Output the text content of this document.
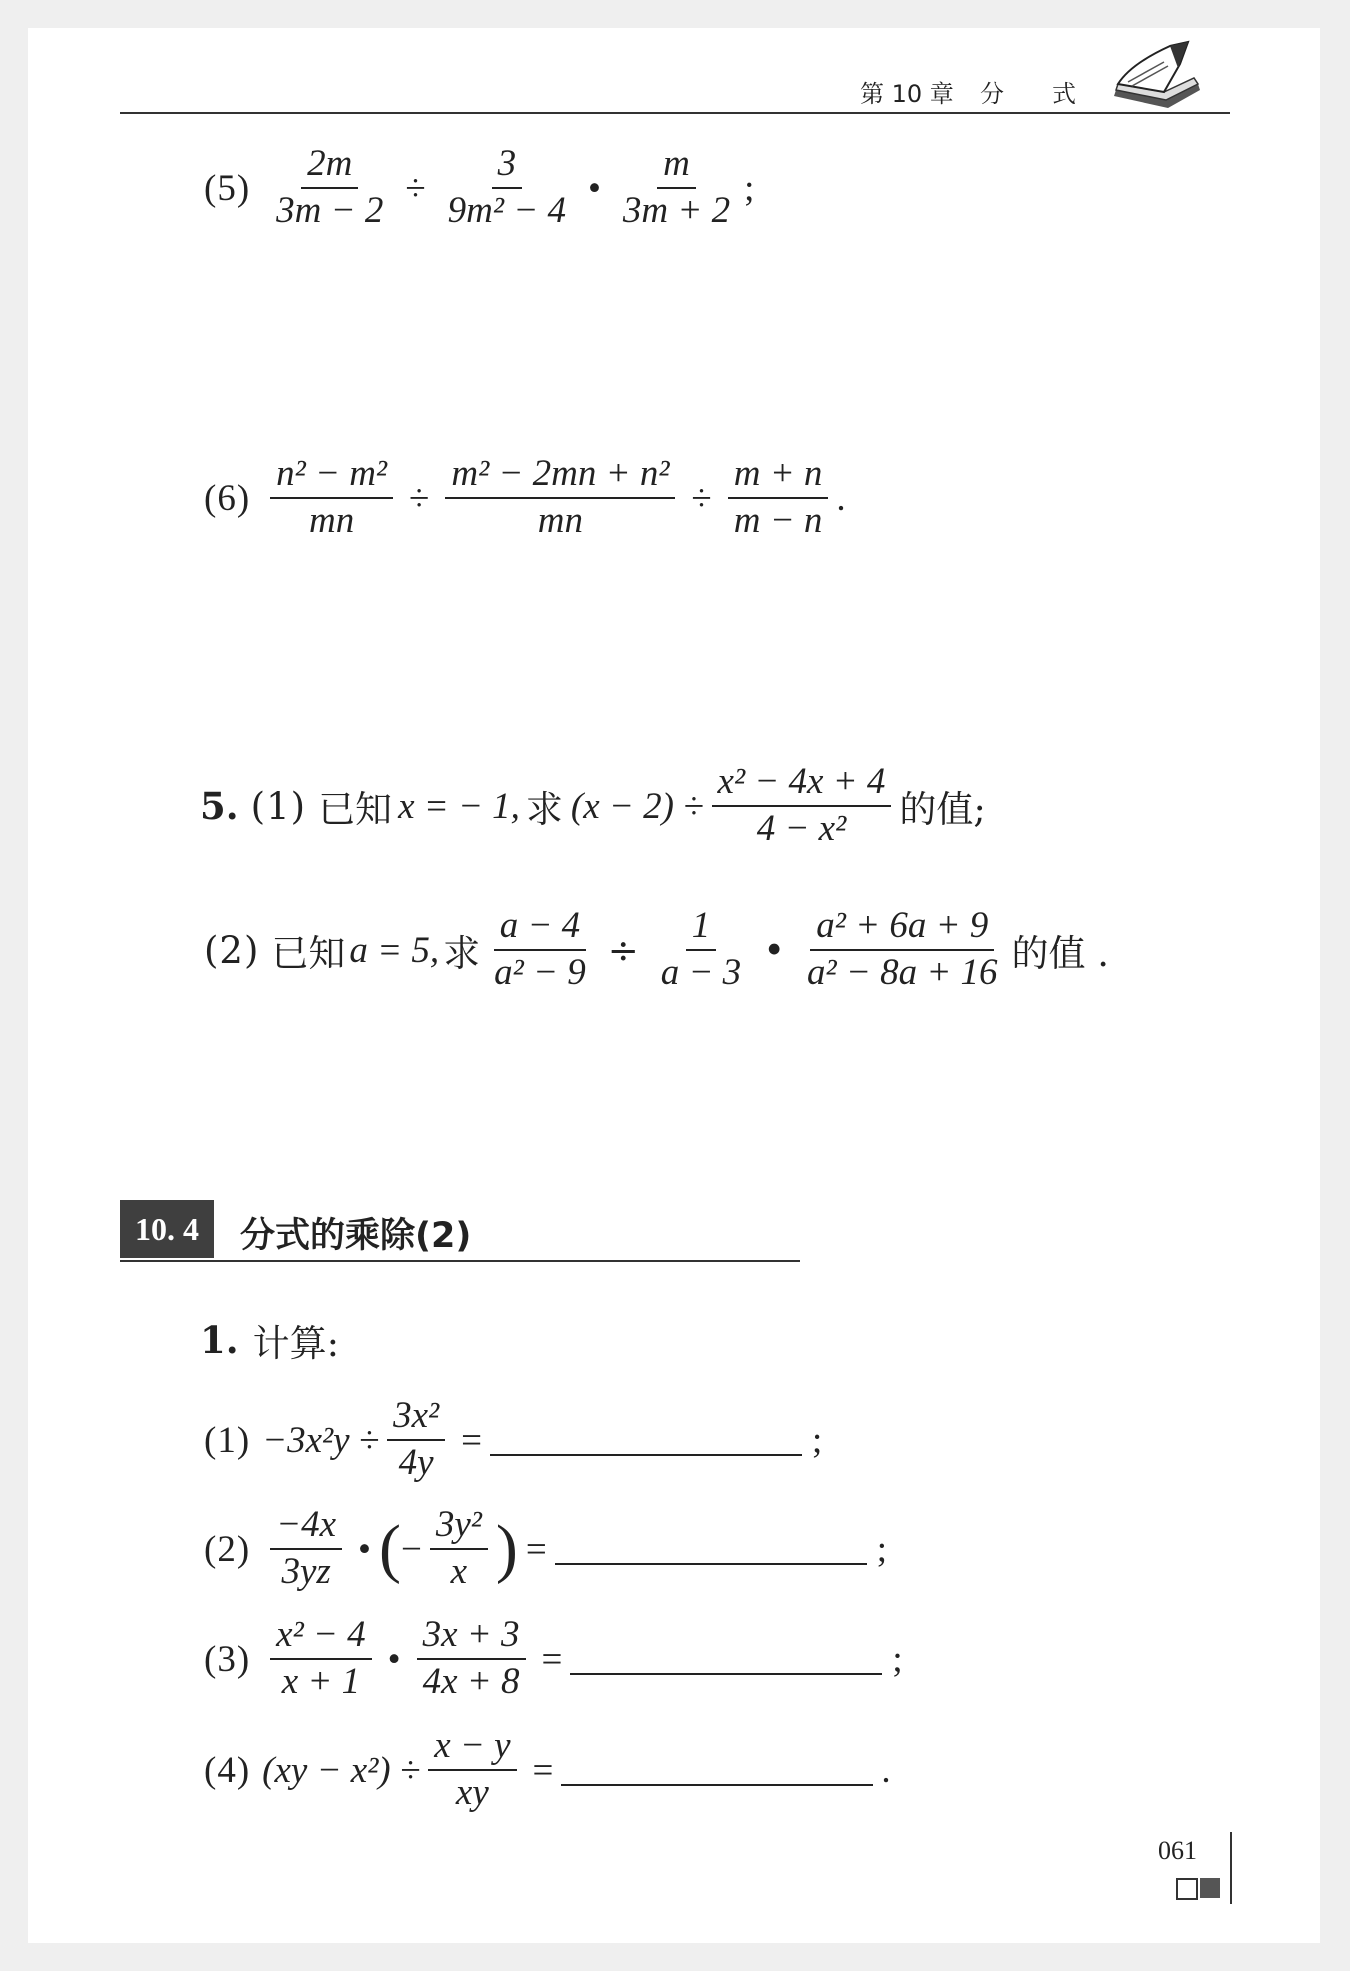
第 10 章 分　　式
$(5) \frac{2m}{3m - 2} \div \frac{3}{\text{9m² − 4}}$ • $\frac{m}{3m + 2}$ ;
$(6) \frac{\text{n² − m²}}{mn} \div \frac{\text{m² − 2mn + n²}}{mn} \div \frac{m + n}{m - n}$ .
5. (1) 已知 x = − 1, 求 $(x - 2) \div \frac{\text{x² − 4x + 4}}{\text{4 − x²}}$ 的值;
(2) 已知 a = 5, 求 $\frac{a - 4}{\text{a² − 9}} \div \frac{1}{a - 3}$ • $\frac{\text{a² + 6a + 9}}{\text{a² − 8a + 16}}$ 的值 .
10. 4 分式的乘除(2)
1. 计算:
$(1) -3x^2y \div \frac{\text{3x²}}{4y}$ =	;
$(2) \frac{-4x}{3yz}$ • ( − $\frac{\text{3y²}}{x}$ ) =	;
$(3) \frac{\text{x² − 4}}{x + 1}$ • $\frac{3x + 3}{4x + 8}$ =	;
(4) $(xy - x^2) \div \frac{x - y}{xy}$ =	.
061
